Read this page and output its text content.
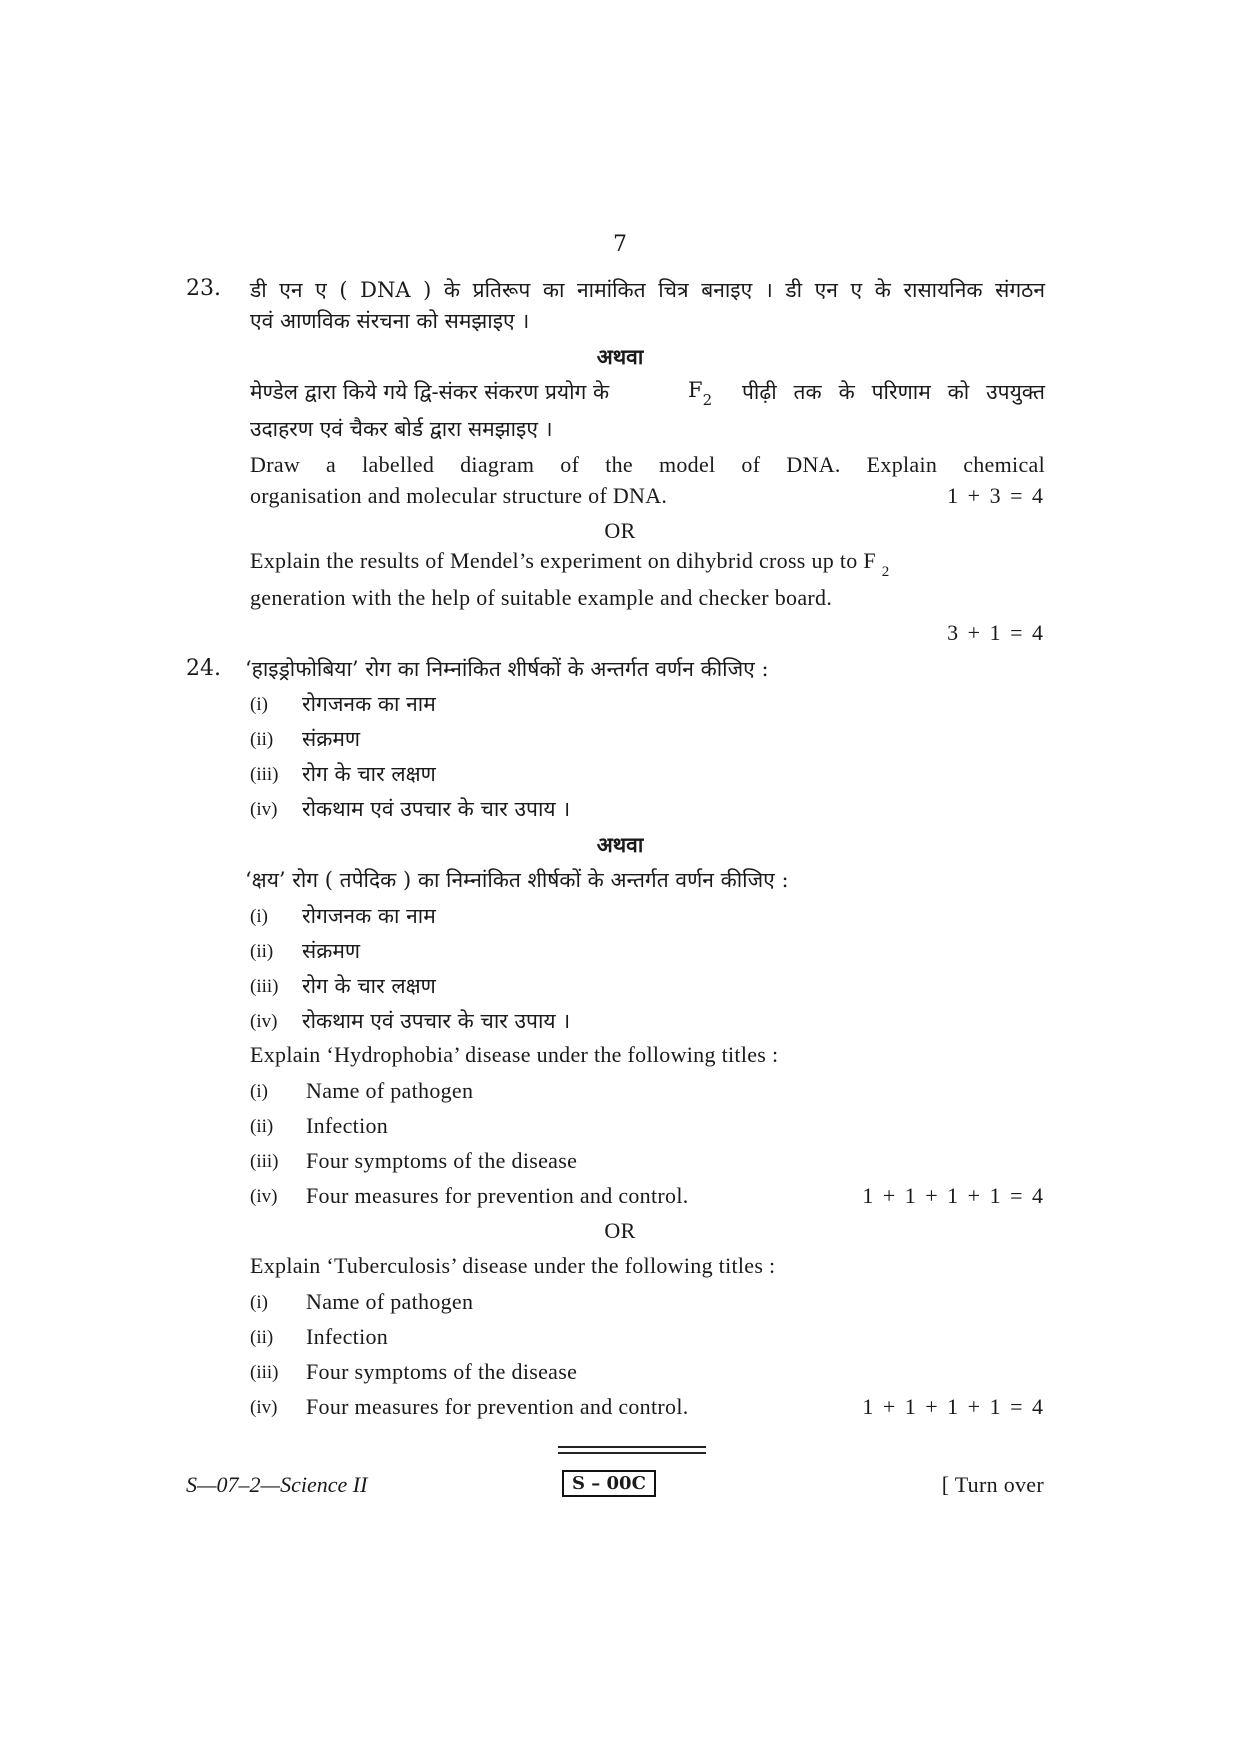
7
23. डी एन ए ( DNA ) के प्रतिरूप का नामांकित चित्र बनाइए । डी एन ए के रासायनिक संगठन
एवं आणविक संरचना को समझाइए ।
अथवा
मेण्डेल द्वारा किये गये द्वि-संकर संकरण प्रयोग के	$F_2$ पीढ़ी तक के परिणाम को उपयुक्त
उदाहरण एवं चैकर बोर्ड द्वारा समझाइए ।
Draw a labelled diagram of the model of DNA. Explain chemical
organisation and molecular structure of DNA.	1 + 3 = 4
OR
Explain the results of Mendel’s experiment on dihybrid cross up to F $_2$
generation with the help of suitable example and checker board.
3 + 1 = 4
24. ‘हाइड्रोफोबिया’ रोग का निम्नांकित शीर्षकों के अन्तर्गत वर्णन कीजिए :
(i) रोगजनक का नाम
(ii) संक्रमण
(iii) रोग के चार लक्षण
(iv) रोकथाम एवं उपचार के चार उपाय ।
अथवा
‘क्षय’ रोग ( तपेदिक ) का निम्नांकित शीर्षकों के अन्तर्गत वर्णन कीजिए :
(i) रोगजनक का नाम
(ii) संक्रमण
(iii) रोग के चार लक्षण
(iv) रोकथाम एवं उपचार के चार उपाय ।
Explain ‘Hydrophobia’ disease under the following titles :
(i) Name of pathogen
(ii) Infection
(iii) Four symptoms of the disease
(iv) Four measures for prevention and control.	1 + 1 + 1 + 1 = 4
OR
Explain ‘Tuberculosis’ disease under the following titles :
(i) Name of pathogen
(ii) Infection
(iii) Four symptoms of the disease
(iv) Four measures for prevention and control.	1 + 1 + 1 + 1 = 4
S—07–2—Science II	S – 00C	[ Turn over
